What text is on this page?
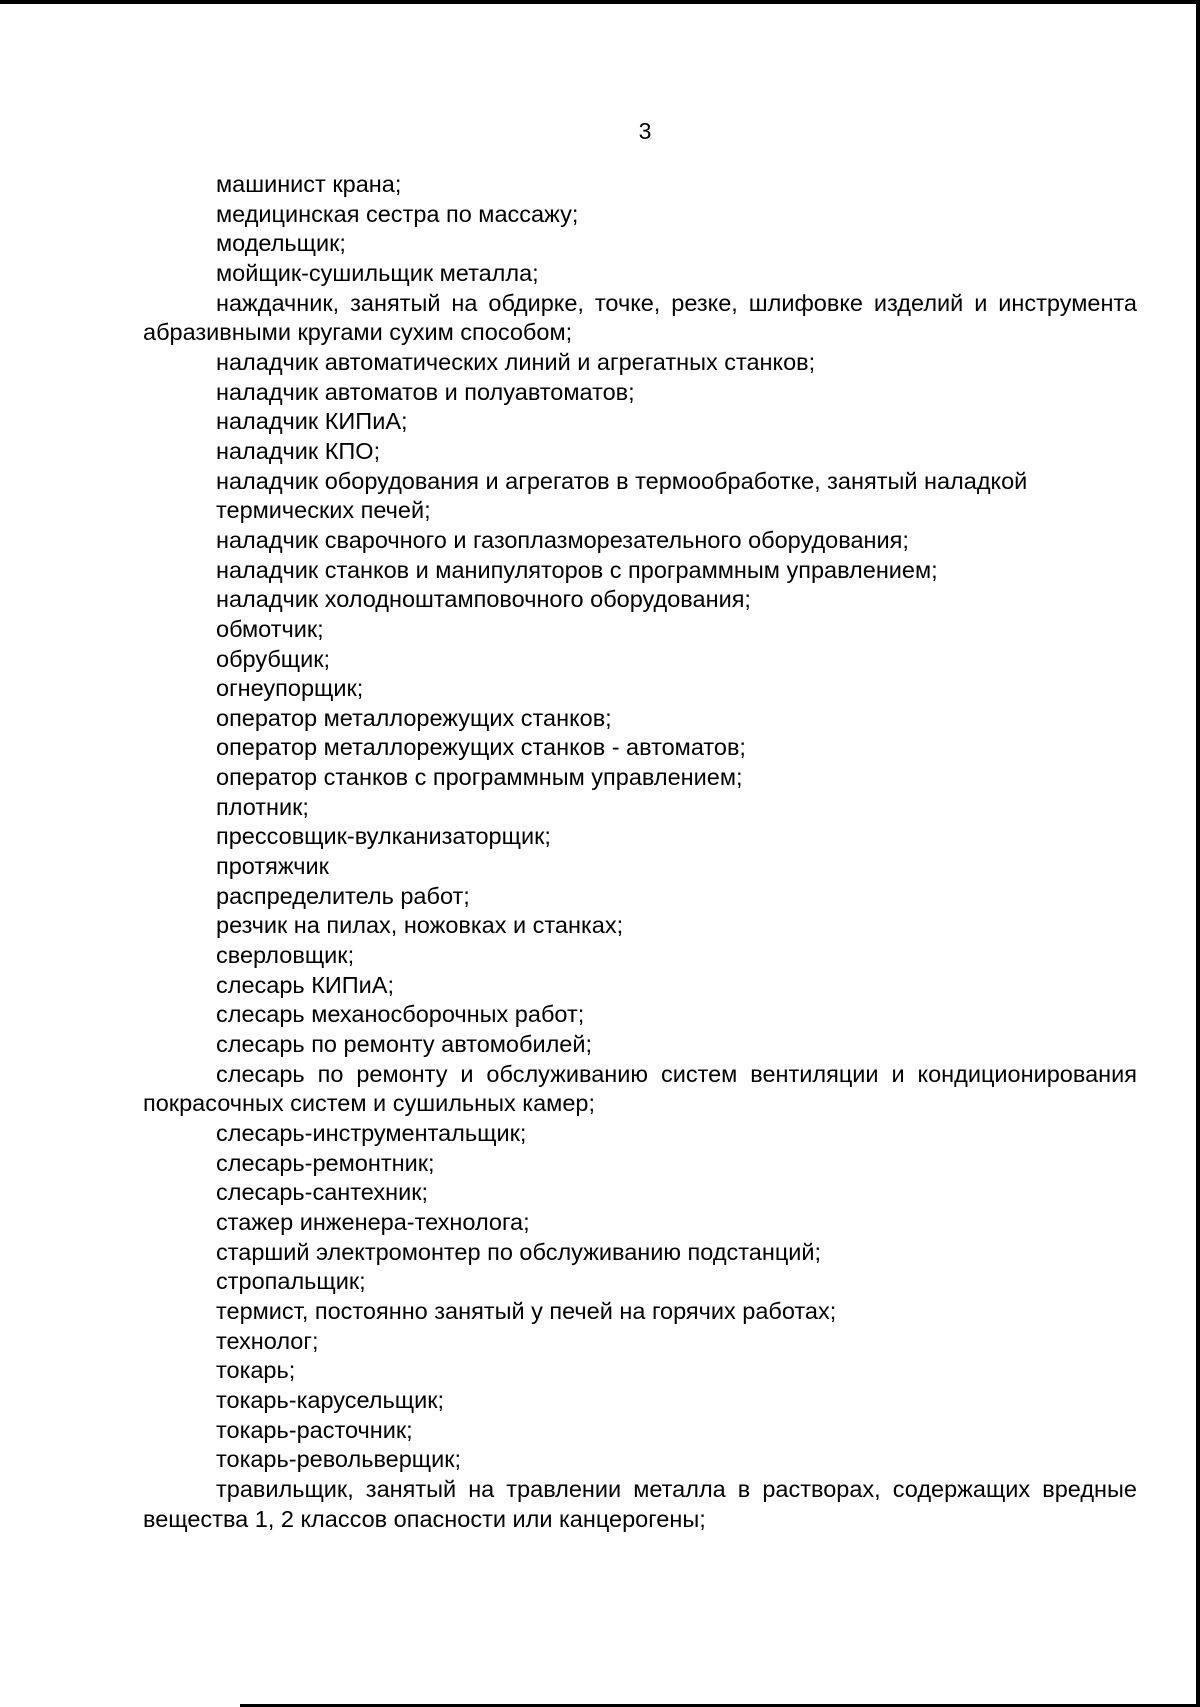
3

машинист крана;

медицинская сестра по массажу;

модельщик;

мойщик-сушильщик металла;

наждачник, занятый на обдирке, точке, резке, шлифовке изделий и инструмента абразивными кругами сухим способом;

наладчик автоматических линий и агрегатных станков;

наладчик автоматов и полуавтоматов;

наладчик КИПиА;

наладчик КПО;

наладчик оборудования и агрегатов в термообработке, занятый наладкой термических печей;

наладчик сварочного и газоплазморезательного оборудования;

наладчик станков и манипуляторов с программным управлением;

наладчик холодноштамповочного оборудования;

обмотчик;

обрубщик;

огнеупорщик;

оператор металлорежущих станков;

оператор металлорежущих станков - автоматов;

оператор станков с программным управлением;

плотник;

прессовщик-вулканизаторщик;

протяжчик

распределитель работ;

резчик на пилах, ножовках и станках;

сверловщик;

слесарь КИПиА;

слесарь механосборочных работ;

слесарь по ремонту автомобилей;

слесарь по ремонту и обслуживанию систем вентиляции и кондиционирования покрасочных систем и сушильных камер;

слесарь-инструментальщик;

слесарь-ремонтник;

слесарь-сантехник;

стажер инженера-технолога;

старший электромонтер по обслуживанию подстанций;

стропальщик;

термист, постоянно занятый у печей на горячих работах;

технолог;

токарь;

токарь-карусельщик;

токарь-расточник;

токарь-револьверщик;

травильщик, занятый на травлении металла в растворах, содержащих вредные вещества 1, 2 классов опасности или канцерогены;
